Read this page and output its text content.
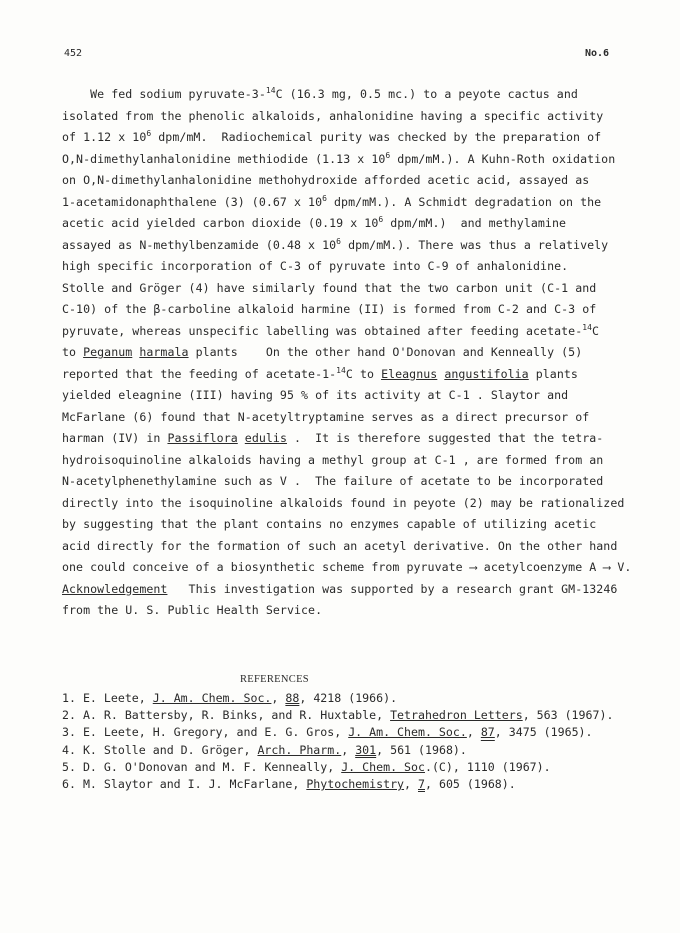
452	No.6
We fed sodium pyruvate-3-$^{14}$C (16.3 mg, 0.5 mc.) to a peyote cactus and
isolated from the phenolic alkaloids, anhalonidine having a specific activity
of 1.12 x $10^6$ dpm/mM.  Radiochemical purity was checked by the preparation of
O,N-dimethylanhalonidine methiodide (1.13 x $10^6$ dpm/mM.). A Kuhn-Roth oxidation
on O,N-dimethylanhalonidine methohydroxide afforded acetic acid, assayed as
1-acetamidonaphthalene (3) (0.67 x $10^6$ dpm/mM.). A Schmidt degradation on the
acetic acid yielded carbon dioxide (0.19 x $10^6$ dpm/mM.)  and methylamine
assayed as N-methylbenzamide (0.48 x $10^6$ dpm/mM.). There was thus a relatively
high specific incorporation of C-3 of pyruvate into C-9 of anhalonidine.
Stolle and Gröger (4) have similarly found that the two carbon unit (C-1 and
C-10) of the β-carboline alkaloid harmine (II) is formed from C-2 and C-3 of
pyruvate, whereas unspecific labelling was obtained after feeding acetate-$^{14}$C
to Peganum harmala plants    On the other hand O'Donovan and Kenneally (5)
reported that the feeding of acetate-1-$^{14}$C to Eleagnus angustifolia plants
yielded eleagnine (III) having 95 % of its activity at C-1 . Slaytor and
McFarlane (6) found that N-acetyltryptamine serves as a direct precursor of
harman (IV) in Passiflora edulis .  It is therefore suggested that the tetra-
hydroisoquinoline alkaloids having a methyl group at C-1 , are formed from an
N-acetylphenethylamine such as V .  The failure of acetate to be incorporated
directly into the isoquinoline alkaloids found in peyote (2) may be rationalized
by suggesting that the plant contains no enzymes capable of utilizing acetic
acid directly for the formation of such an acetyl derivative. On the other hand
one could conceive of a biosynthetic scheme from pyruvate ⟶ acetylcoenzyme A ⟶ V.
Acknowledgement   This investigation was supported by a research grant GM-13246
from the U. S. Public Health Service.
REFERENCES
1. E. Leete, J. Am. Chem. Soc., 88, 4218 (1966).
2. A. R. Battersby, R. Binks, and R. Huxtable, Tetrahedron Letters, 563 (1967).
3. E. Leete, H. Gregory, and E. G. Gros, J. Am. Chem. Soc., 87, 3475 (1965).
4. K. Stolle and D. Gröger, Arch. Pharm., 301, 561 (1968).
5. D. G. O'Donovan and M. F. Kenneally, J. Chem. Soc.(C), 1110 (1967).
6. M. Slaytor and I. J. McFarlane, Phytochemistry, 7, 605 (1968).
